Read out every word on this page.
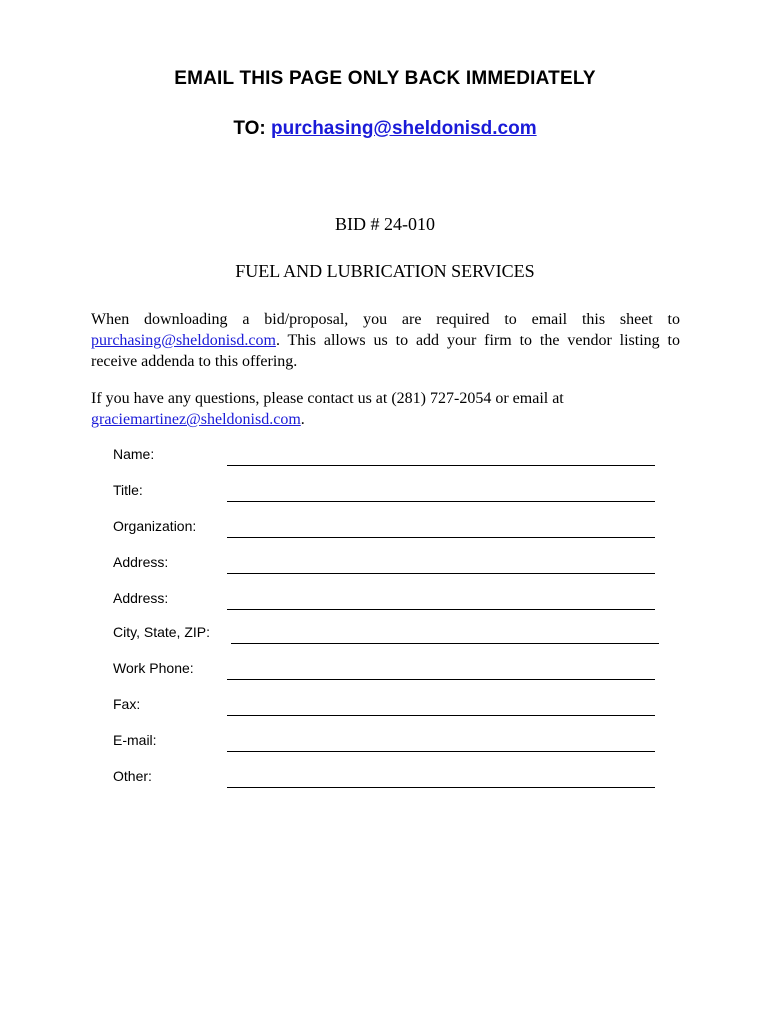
EMAIL THIS PAGE ONLY BACK IMMEDIATELY
TO: purchasing@sheldonisd.com
BID # 24-010
FUEL AND LUBRICATION SERVICES
When downloading a bid/proposal, you are required to email this sheet to purchasing@sheldonisd.com. This allows us to add your firm to the vendor listing to receive addenda to this offering.
If you have any questions, please contact us at (281) 727-2054 or email at graciemartinez@sheldonisd.com.
Name:
Title:
Organization:
Address:
Address:
City, State, ZIP:
Work Phone:
Fax:
E-mail:
Other:
